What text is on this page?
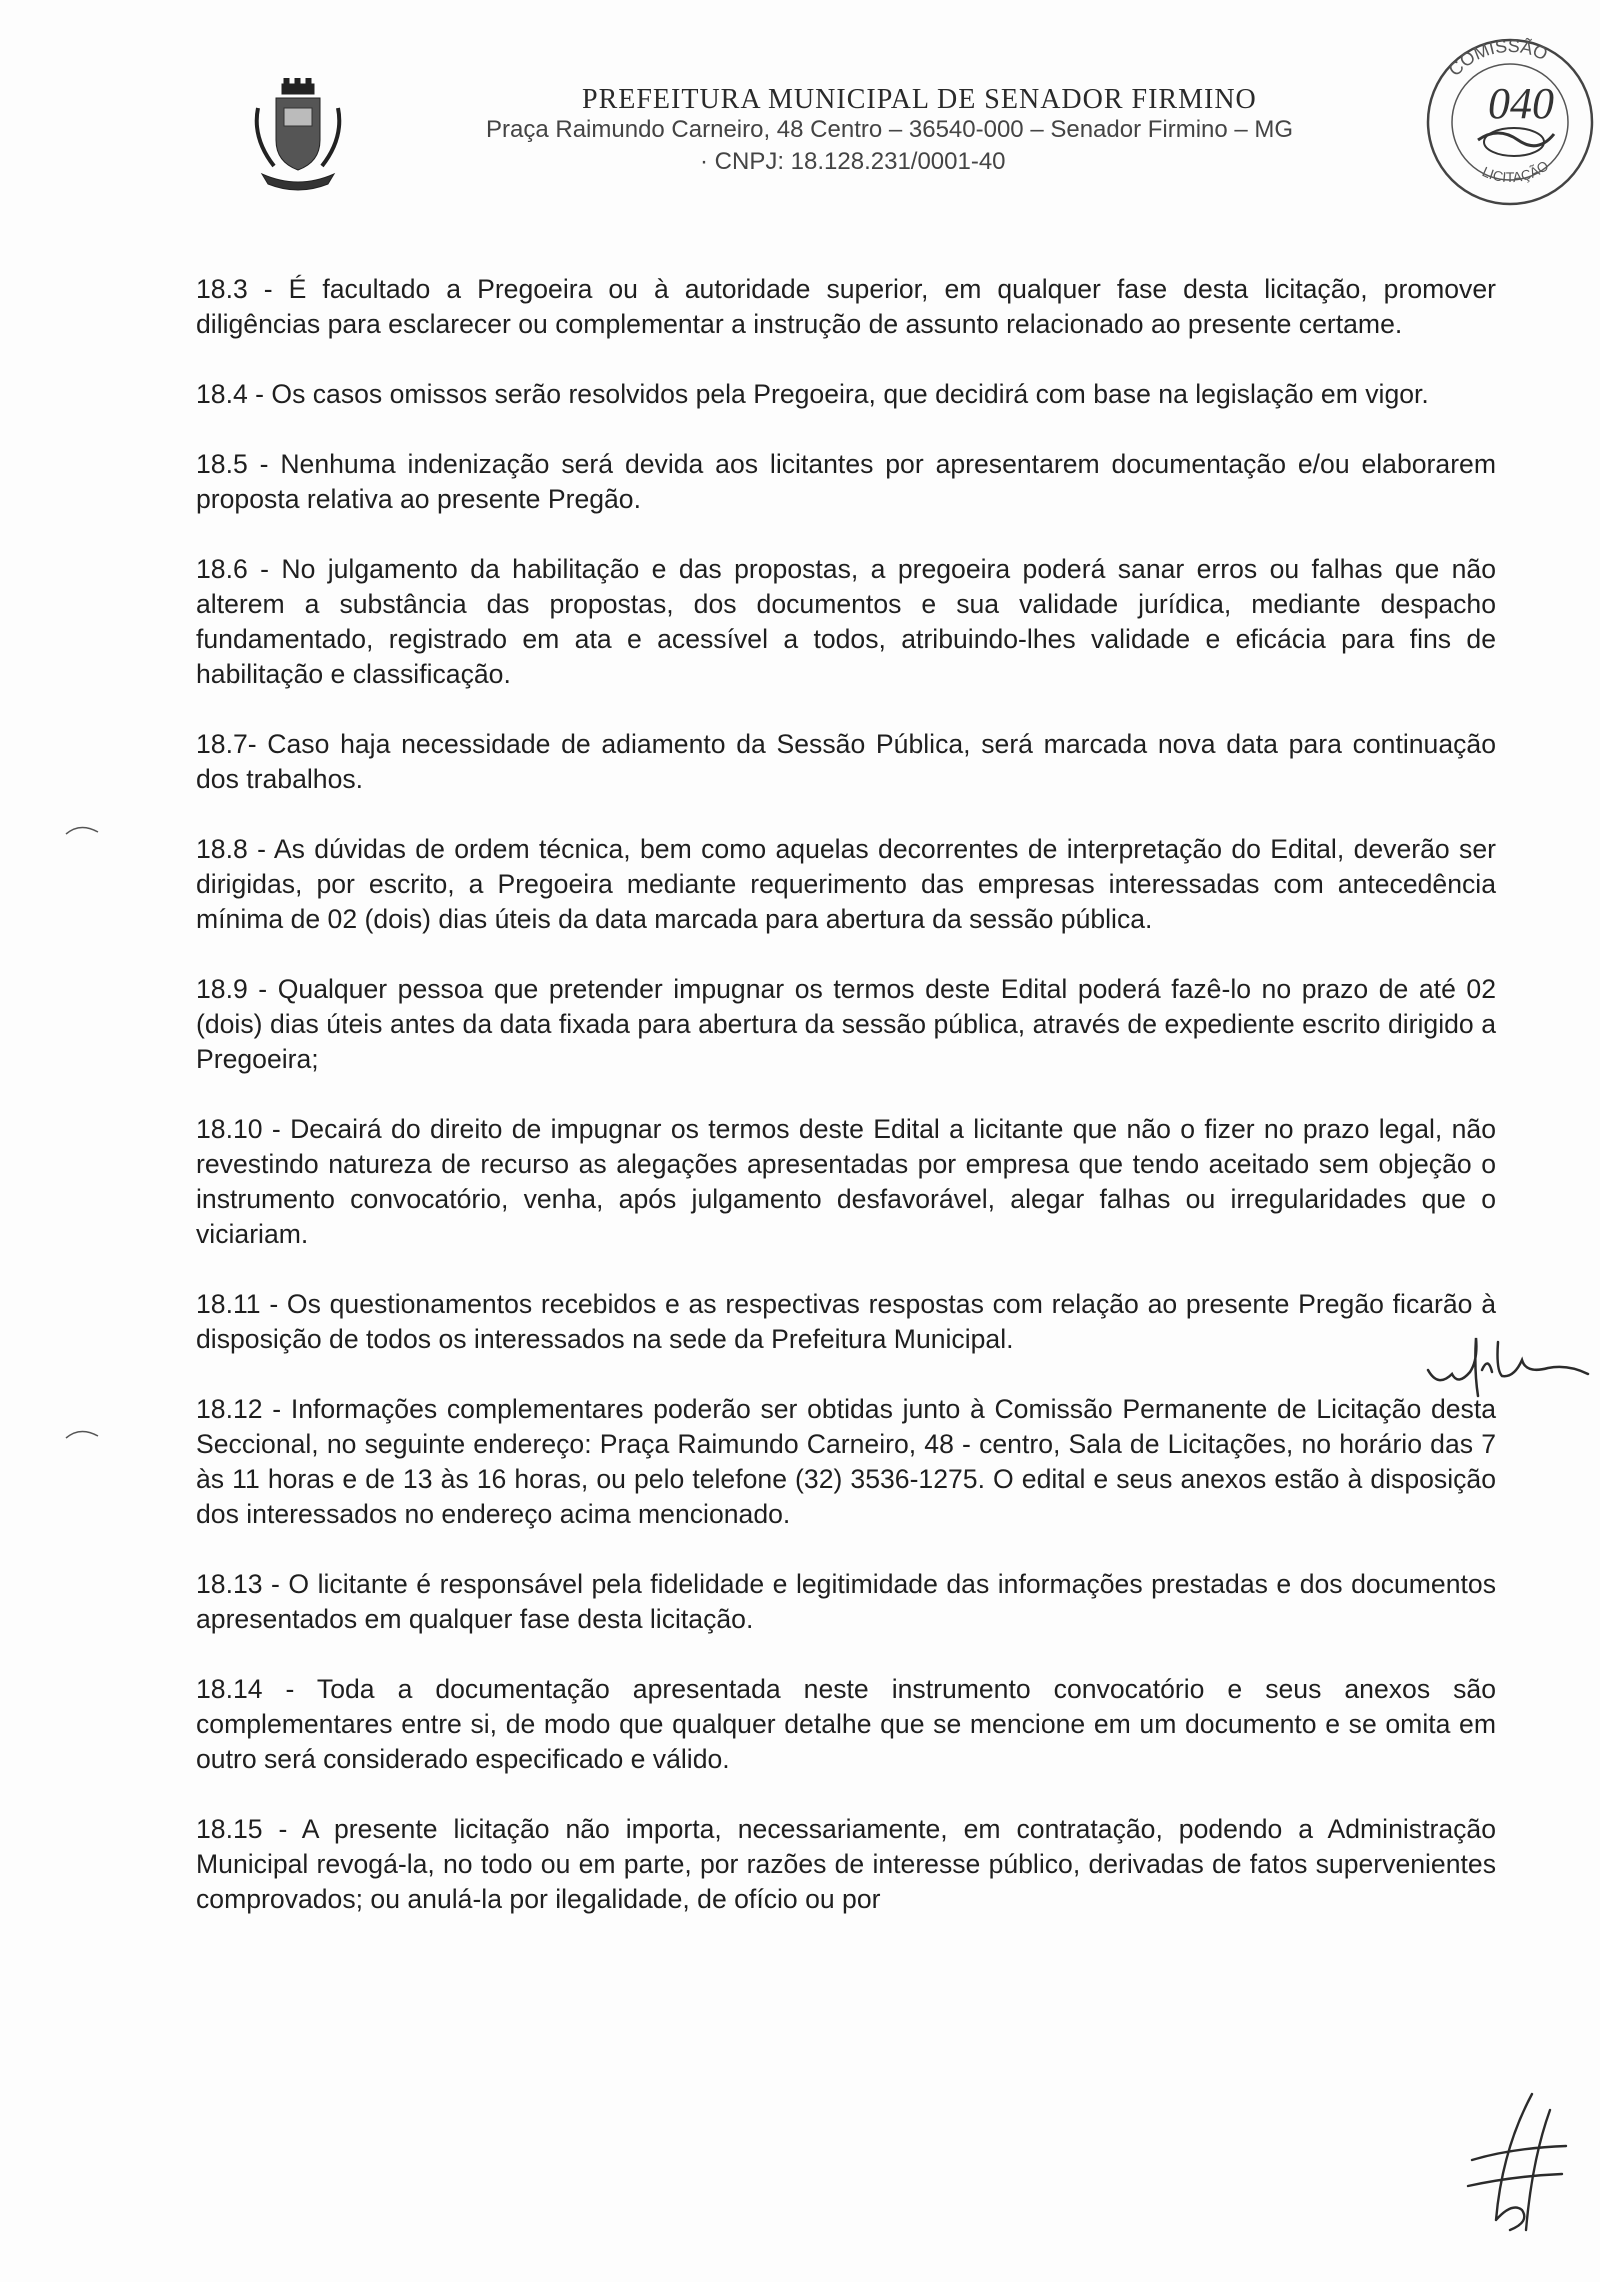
PREFEITURA MUNICIPAL DE SENADOR FIRMINO
Praça Raimundo Carneiro, 48 Centro – 36540-000 – Senador Firmino – MG
· CNPJ: 18.128.231/0001-40
COMISSÃO
LICITAÇÃO
040

18.3 - É facultado a Pregoeira ou à autoridade superior, em qualquer fase desta licitação, promover diligências para esclarecer ou complementar a instrução de assunto relacionado ao presente certame.

18.4 - Os casos omissos serão resolvidos pela Pregoeira, que decidirá com base na legislação em vigor.

18.5 - Nenhuma indenização será devida aos licitantes por apresentarem documentação e/ou elaborarem proposta relativa ao presente Pregão.

18.6 - No julgamento da habilitação e das propostas, a pregoeira poderá sanar erros ou falhas que não alterem a substância das propostas, dos documentos e sua validade jurídica, mediante despacho fundamentado, registrado em ata e acessível a todos, atribuindo-lhes validade e eficácia para fins de habilitação e classificação.

18.7- Caso haja necessidade de adiamento da Sessão Pública, será marcada nova data para continuação dos trabalhos.

18.8 - As dúvidas de ordem técnica, bem como aquelas decorrentes de interpretação do Edital, deverão ser dirigidas, por escrito, a Pregoeira mediante requerimento das empresas interessadas com antecedência mínima de 02 (dois) dias úteis da data marcada para abertura da sessão pública.

18.9 - Qualquer pessoa que pretender impugnar os termos deste Edital poderá fazê-lo no prazo de até 02 (dois) dias úteis antes da data fixada para abertura da sessão pública, através de expediente escrito dirigido a Pregoeira;

18.10 - Decairá do direito de impugnar os termos deste Edital a licitante que não o fizer no prazo legal, não revestindo natureza de recurso as alegações apresentadas por empresa que tendo aceitado sem objeção o instrumento convocatório, venha, após julgamento desfavorável, alegar falhas ou irregularidades que o viciariam.

18.11 - Os questionamentos recebidos e as respectivas respostas com relação ao presente Pregão ficarão à disposição de todos os interessados na sede da Prefeitura Municipal.

18.12 - Informações complementares poderão ser obtidas junto à Comissão Permanente de Licitação desta Seccional, no seguinte endereço: Praça Raimundo Carneiro, 48 - centro, Sala de Licitações, no horário das 7 às 11 horas e de 13 às 16 horas, ou pelo telefone (32) 3536-1275. O edital e seus anexos estão à disposição dos interessados no endereço acima mencionado.

18.13 - O licitante é responsável pela fidelidade e legitimidade das informações prestadas e dos documentos apresentados em qualquer fase desta licitação.

18.14 - Toda a documentação apresentada neste instrumento convocatório e seus anexos são complementares entre si, de modo que qualquer detalhe que se mencione em um documento e se omita em outro será considerado especificado e válido.

18.15 - A presente licitação não importa, necessariamente, em contratação, podendo a Administração Municipal revogá-la, no todo ou em parte, por razões de interesse público, derivadas de fatos supervenientes comprovados; ou anulá-la por ilegalidade, de ofício ou por
